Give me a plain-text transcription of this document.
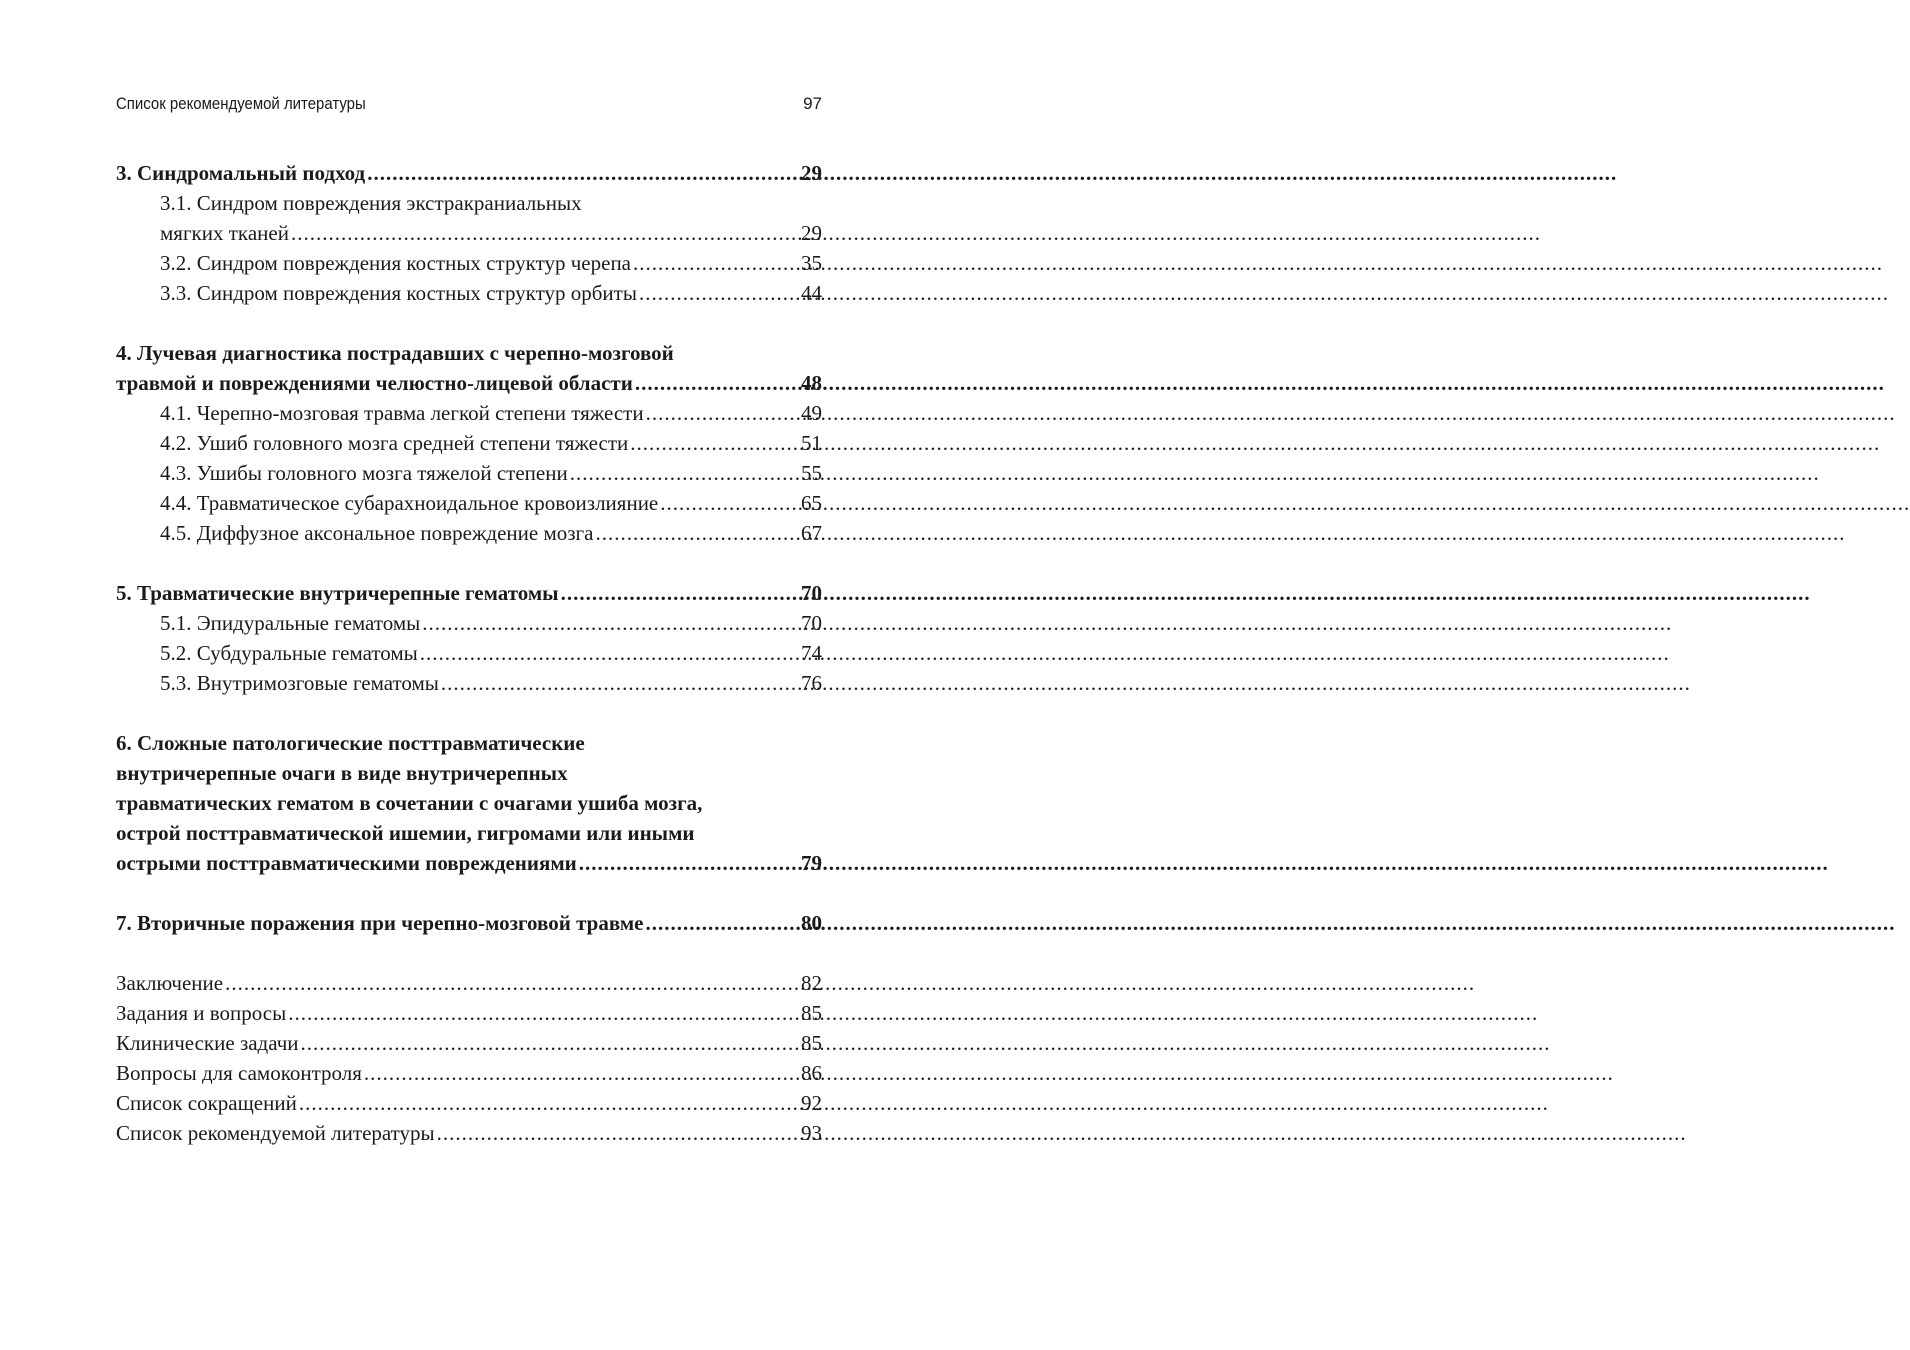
Список рекомендуемой литературы	97
3. Синдромальный подход .....	29
3.1. Синдром повреждения экстракраниальных
мягких тканей .....	29
3.2. Синдром повреждения костных структур черепа .....	35
3.3. Синдром повреждения костных структур орбиты .....	44
4. Лучевая диагностика пострадавших с черепно-мозговой
травмой и повреждениями челюстно-лицевой области .....	48
4.1. Черепно-мозговая травма легкой степени тяжести .....	49
4.2. Ушиб головного мозга средней степени тяжести .....	51
4.3. Ушибы головного мозга тяжелой степени .....	55
4.4. Травматическое субарахноидальное кровоизлияние .....	65
4.5. Диффузное аксональное повреждение мозга .....	67
5. Травматические внутричерепные гематомы .....	70
5.1. Эпидуральные гематомы .....	70
5.2. Субдуральные гематомы .....	74
5.3. Внутримозговые гематомы .....	76
6. Сложные патологические посттравматические
внутричерепные очаги в виде внутричерепных
травматических гематом в сочетании с очагами ушиба мозга,
острой посттравматической ишемии, гигромами или иными
острыми посттравматическими повреждениями .....	79
7. Вторичные поражения при черепно-мозговой травме .....	80
Заключение .....	82
Задания и вопросы .....	85
Клинические задачи .....	85
Вопросы для самоконтроля .....	86
Список сокращений .....	92
Список рекомендуемой литературы .....	93
